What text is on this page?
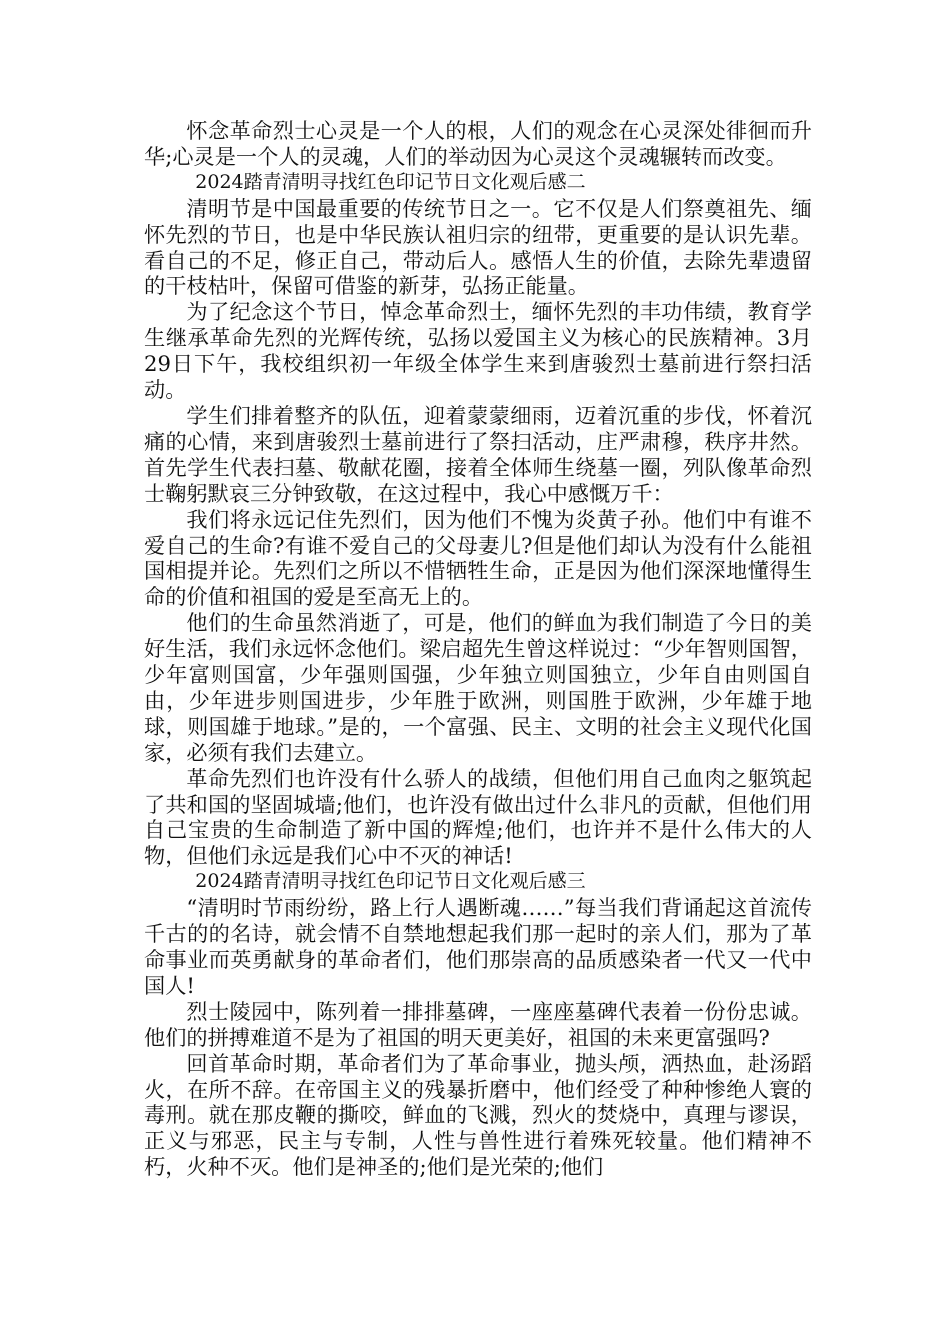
怀念革命烈士心灵是一个人的根，人们的观念在心灵深处徘徊而升华;心灵是一个人的灵魂，人们的举动因为心灵这个灵魂辗转而改变。

2024踏青清明寻找红色印记节日文化观后感二

清明节是中国最重要的传统节日之一。它不仅是人们祭奠祖先、缅怀先烈的节日，也是中华民族认祖归宗的纽带，更重要的是认识先辈。看自己的不足，修正自己，带动后人。感悟人生的价值，去除先辈遗留的干枝枯叶，保留可借鉴的新芽，弘扬正能量。

为了纪念这个节日，悼念革命烈士，缅怀先烈的丰功伟绩，教育学生继承革命先烈的光辉传统，弘扬以爱国主义为核心的民族精神。3月29日下午，我校组织初一年级全体学生来到唐骏烈士墓前进行祭扫活动。

学生们排着整齐的队伍，迎着蒙蒙细雨，迈着沉重的步伐，怀着沉痛的心情，来到唐骏烈士墓前进行了祭扫活动，庄严肃穆，秩序井然。首先学生代表扫墓、敬献花圈，接着全体师生绕墓一圈，列队像革命烈士鞠躬默哀三分钟致敬，在这过程中，我心中感慨万千：

我们将永远记住先烈们，因为他们不愧为炎黄子孙。他们中有谁不爱自己的生命?有谁不爱自己的父母妻儿?但是他们却认为没有什么能祖国相提并论。先烈们之所以不惜牺牲生命，正是因为他们深深地懂得生命的价值和祖国的爱是至高无上的。

他们的生命虽然消逝了，可是，他们的鲜血为我们制造了今日的美好生活，我们永远怀念他们。梁启超先生曾这样说过：“少年智则国智，少年富则国富，少年强则国强，少年独立则国独立，少年自由则国自由，少年进步则国进步，少年胜于欧洲，则国胜于欧洲，少年雄于地球，则国雄于地球。”是的，一个富强、民主、文明的社会主义现代化国家，必须有我们去建立。

革命先烈们也许没有什么骄人的战绩，但他们用自己血肉之躯筑起了共和国的坚固城墙;他们，也许没有做出过什么非凡的贡献，但他们用自己宝贵的生命制造了新中国的辉煌;他们，也许并不是什么伟大的人物，但他们永远是我们心中不灭的神话!

2024踏青清明寻找红色印记节日文化观后感三

“清明时节雨纷纷，路上行人遇断魂……”每当我们背诵起这首流传千古的的名诗，就会情不自禁地想起我们那一起时的亲人们，那为了革命事业而英勇献身的革命者们，他们那崇高的品质感染者一代又一代中国人!

烈士陵园中，陈列着一排排墓碑，一座座墓碑代表着一份份忠诚。他们的拼搏难道不是为了祖国的明天更美好，祖国的未来更富强吗?

回首革命时期，革命者们为了革命事业，抛头颅，洒热血，赴汤蹈火，在所不辞。在帝国主义的残暴折磨中，他们经受了种种惨绝人寰的毒刑。就在那皮鞭的撕咬，鲜血的飞溅，烈火的焚烧中，真理与谬误，正义与邪恶，民主与专制，人性与兽性进行着殊死较量。他们精神不朽，火种不灭。他们是神圣的;他们是光荣的;他们
